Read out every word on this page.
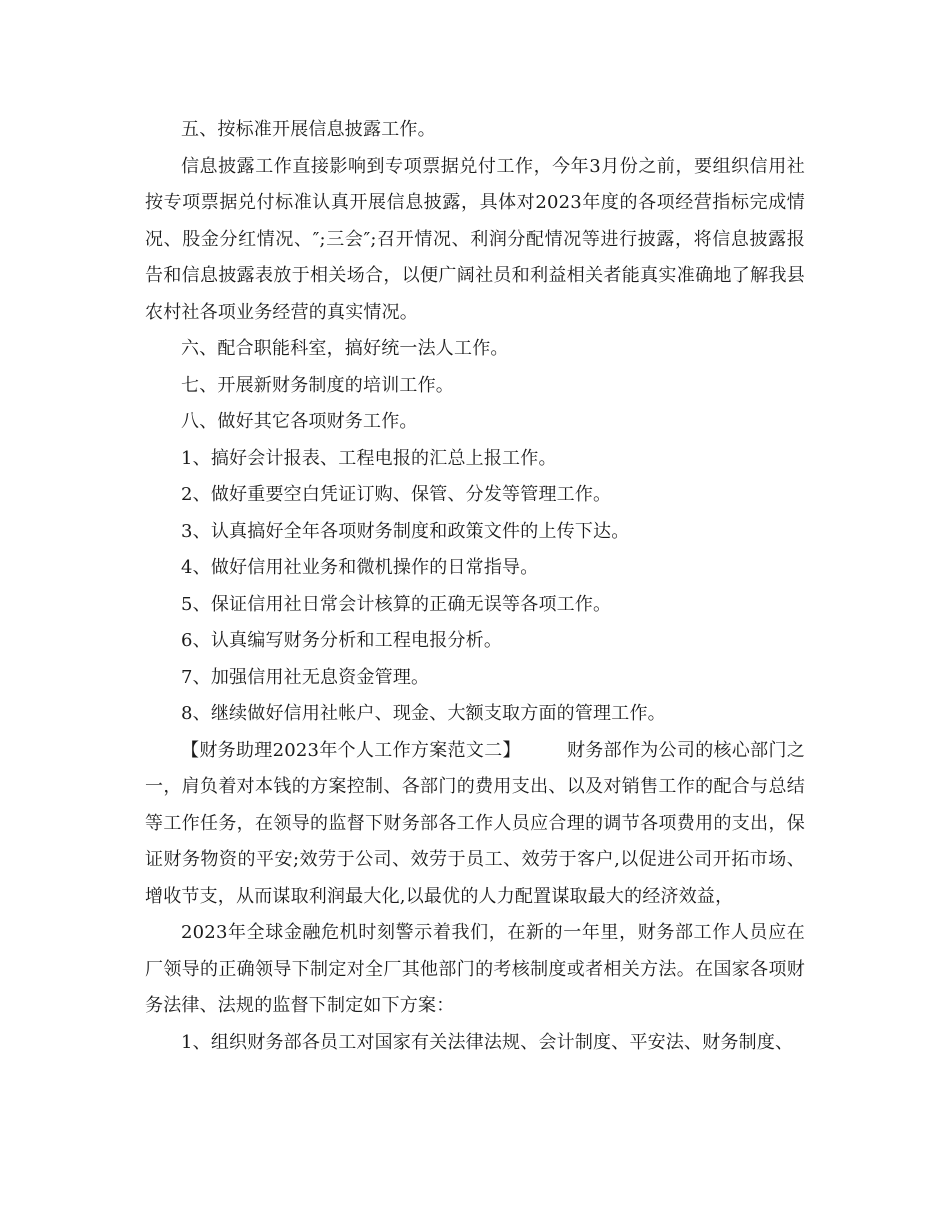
五、按标准开展信息披露工作。

信息披露工作直接影响到专项票据兑付工作，今年3月份之前，要组织信用社按专项票据兑付标准认真开展信息披露，具体对2023年度的各项经营指标完成情况、股金分红情况、″;三会″;召开情况、利润分配情况等进行披露，将信息披露报告和信息披露表放于相关场合，以便广阔社员和利益相关者能真实准确地了解我县农村社各项业务经营的真实情况。

六、配合职能科室，搞好统一法人工作。

七、开展新财务制度的培训工作。

八、做好其它各项财务工作。

1、搞好会计报表、工程电报的汇总上报工作。

2、做好重要空白凭证订购、保管、分发等管理工作。

3、认真搞好全年各项财务制度和政策文件的上传下达。

4、做好信用社业务和微机操作的日常指导。

5、保证信用社日常会计核算的正确无误等各项工作。

6、认真编写财务分析和工程电报分析。

7、加强信用社无息资金管理。

8、继续做好信用社帐户、现金、大额支取方面的管理工作。

【财务助理2023年个人工作方案范文二】	财务部作为公司的核心部门之一，肩负着对本钱的方案控制、各部门的费用支出、以及对销售工作的配合与总结等工作任务，在领导的监督下财务部各工作人员应合理的调节各项费用的支出，保证财务物资的平安;效劳于公司、效劳于员工、效劳于客户,以促进公司开拓市场、增收节支，从而谋取利润最大化,以最优的人力配置谋取最大的经济效益，

2023年全球金融危机时刻警示着我们，在新的一年里，财务部工作人员应在厂领导的正确领导下制定对全厂其他部门的考核制度或者相关方法。在国家各项财务法律、法规的监督下制定如下方案：

1、组织财务部各员工对国家有关法律法规、会计制度、平安法、财务制度、
